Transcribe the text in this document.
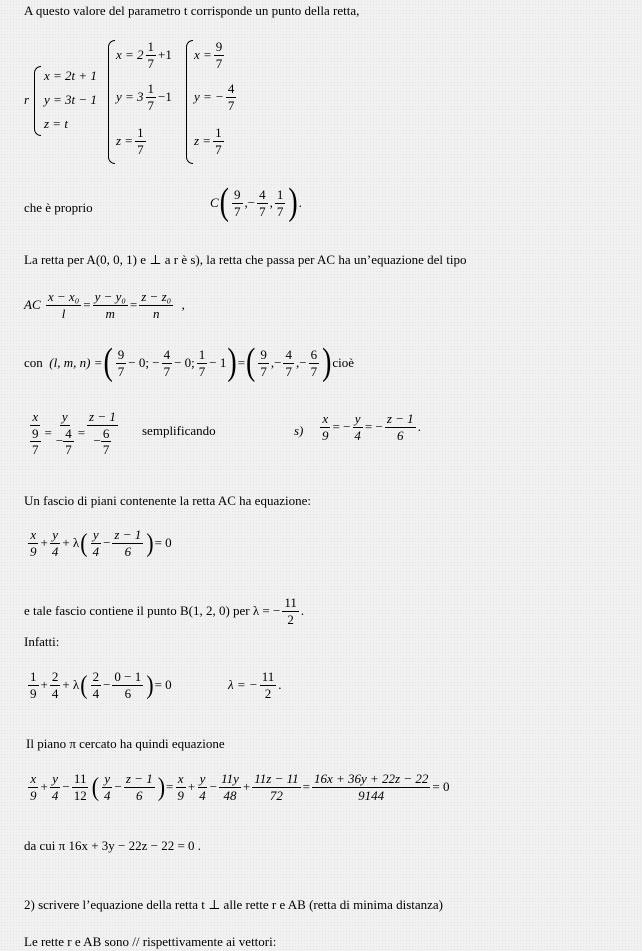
A questo valore del parametro t corrisponde un punto della retta,
r
x = 2t + 1
y = 3t − 1
z = t
$x = 2 \frac{1}{7} +1$
$y = 3 \frac{1}{7} -1$
$z = \frac{1}{7}$
$x = \frac{9}{7}$
y = − $\frac{4}{7}$
$z = \frac{1}{7}$
che è proprio	C ( $\frac{9}{7}$ ,− $\frac{4}{7}$ , $\frac{1}{7}$ ) .
La retta per A(0, 0, 1) e ⊥ a r è s), la retta che passa per AC ha un’equazione del tipo
AC
$\frac{\text{x − x₀}}{l} = \frac{\text{y − y₀}}{m} = \frac{\text{z − z₀}}{n}$
,
con
(l, m, n) = ( $\frac{9}{7} - 0$; − $\frac{4}{7} - 0$; $\frac{1}{7} - 1$ ) = ( $\frac{9}{7}$ ,− $\frac{4}{7}$ ,− $\frac{6}{7}$ ) cioè
$\frac{x}{\frac{9}{7}} = \frac{y}{- \frac{4}{7}} = \frac{z - 1}{- \frac{6}{7}}$ semplificando	$s) \frac{x}{9}$ = − $\frac{y}{4}$ = − $\frac{z - 1}{6}$ .
Un fascio di piani contenente la retta AC ha equazione:
$\frac{x}{9} + \frac{y}{4} + \lambda$ ( $\frac{y}{4} - \frac{z - 1}{6}$ ) = 0
e tale fascio contiene il punto B(1, 2, 0) per λ = − $\frac{11}{2}$ .
Infatti:
$\frac{1}{9} + \frac{2}{4} + \lambda$ ( $\frac{2}{4} - \frac{0 - 1}{6}$ ) = 0	λ = − $\frac{11}{2}$ .
Il piano π cercato ha quindi equazione
$\frac{x}{9} + \frac{y}{4} - \frac{11}{12}$ ( $\frac{y}{4} - \frac{z - 1}{6}$ ) = $\frac{x}{9} + \frac{y}{4} - \frac{11y}{48} + \frac{11z - 11}{72} = \frac{16x + 36y + 22z - 22}{9144} = 0$
da cui π 16x + 3y − 22z − 22 = 0 .
2) scrivere l’equazione della retta t ⊥ alle rette r e AB (retta di minima distanza)
Le rette r e AB sono // rispettivamente ai vettori:
